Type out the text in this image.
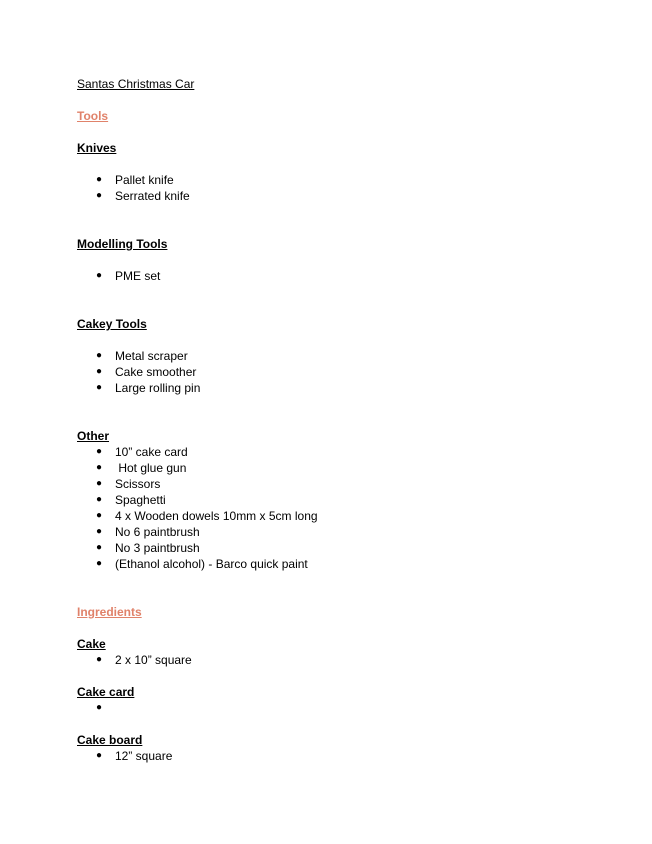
Santas Christmas Car
Tools
Knives
● Pallet knife
● Serrated knife
Modelling Tools
● PME set
Cakey Tools
● Metal scraper
● Cake smoother
● Large rolling pin
Other
● 10” cake card
● Hot glue gun
● Scissors
● Spaghetti
● 4 x Wooden dowels 10mm x 5cm long
● No 6 paintbrush
● No 3 paintbrush
● (Ethanol alcohol) - Barco quick paint
Ingredients
Cake
● 2 x 10” square
Cake card
●
Cake board
● 12” square
